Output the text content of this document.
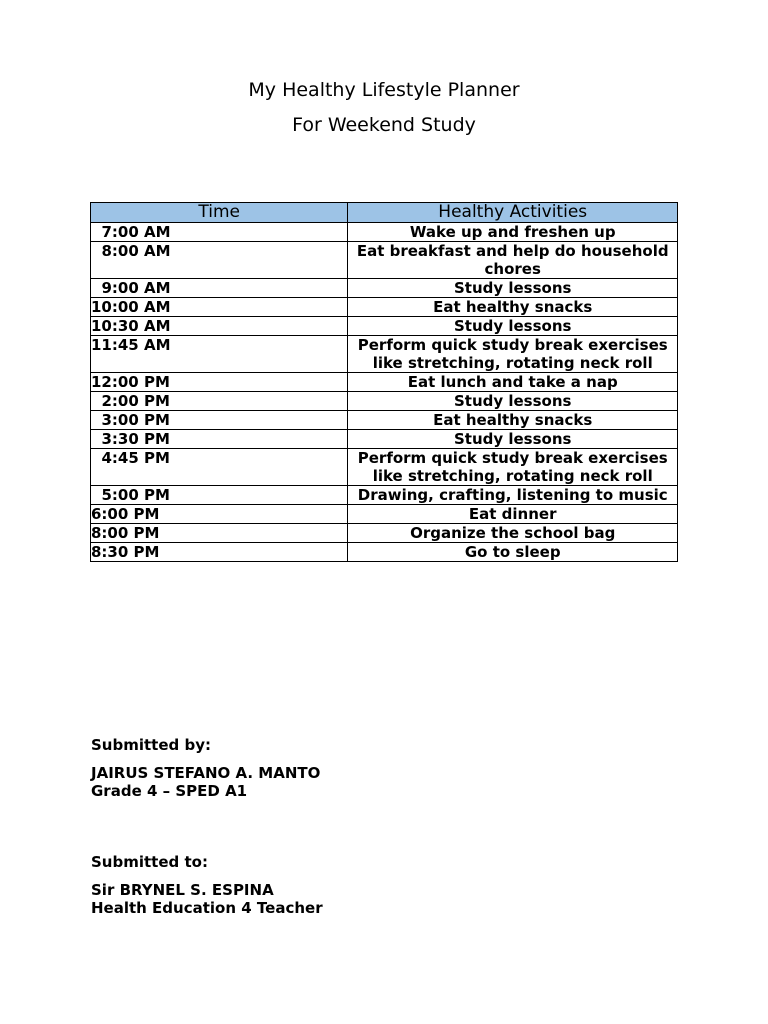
My Healthy Lifestyle Planner
For Weekend Study
Time	Healthy Activities
7:00 AM	Wake up and freshen up
8:00 AM	Eat breakfast and help do household chores
9:00 AM	Study lessons
10:00 AM	Eat healthy snacks
10:30 AM	Study lessons
11:45 AM	Perform quick study break exercises like stretching, rotating neck roll
12:00 PM	Eat lunch and take a nap
2:00 PM	Study lessons
3:00 PM	Eat healthy snacks
3:30 PM	Study lessons
4:45 PM	Perform quick study break exercises like stretching, rotating neck roll
5:00 PM	Drawing, crafting, listening to music
6:00 PM	Eat dinner
8:00 PM	Organize the school bag
8:30 PM	Go to sleep
Submitted by:
JAIRUS STEFANO A. MANTO
Grade 4 – SPED A1
Submitted to:
Sir BRYNEL S. ESPINA
Health Education 4 Teacher
